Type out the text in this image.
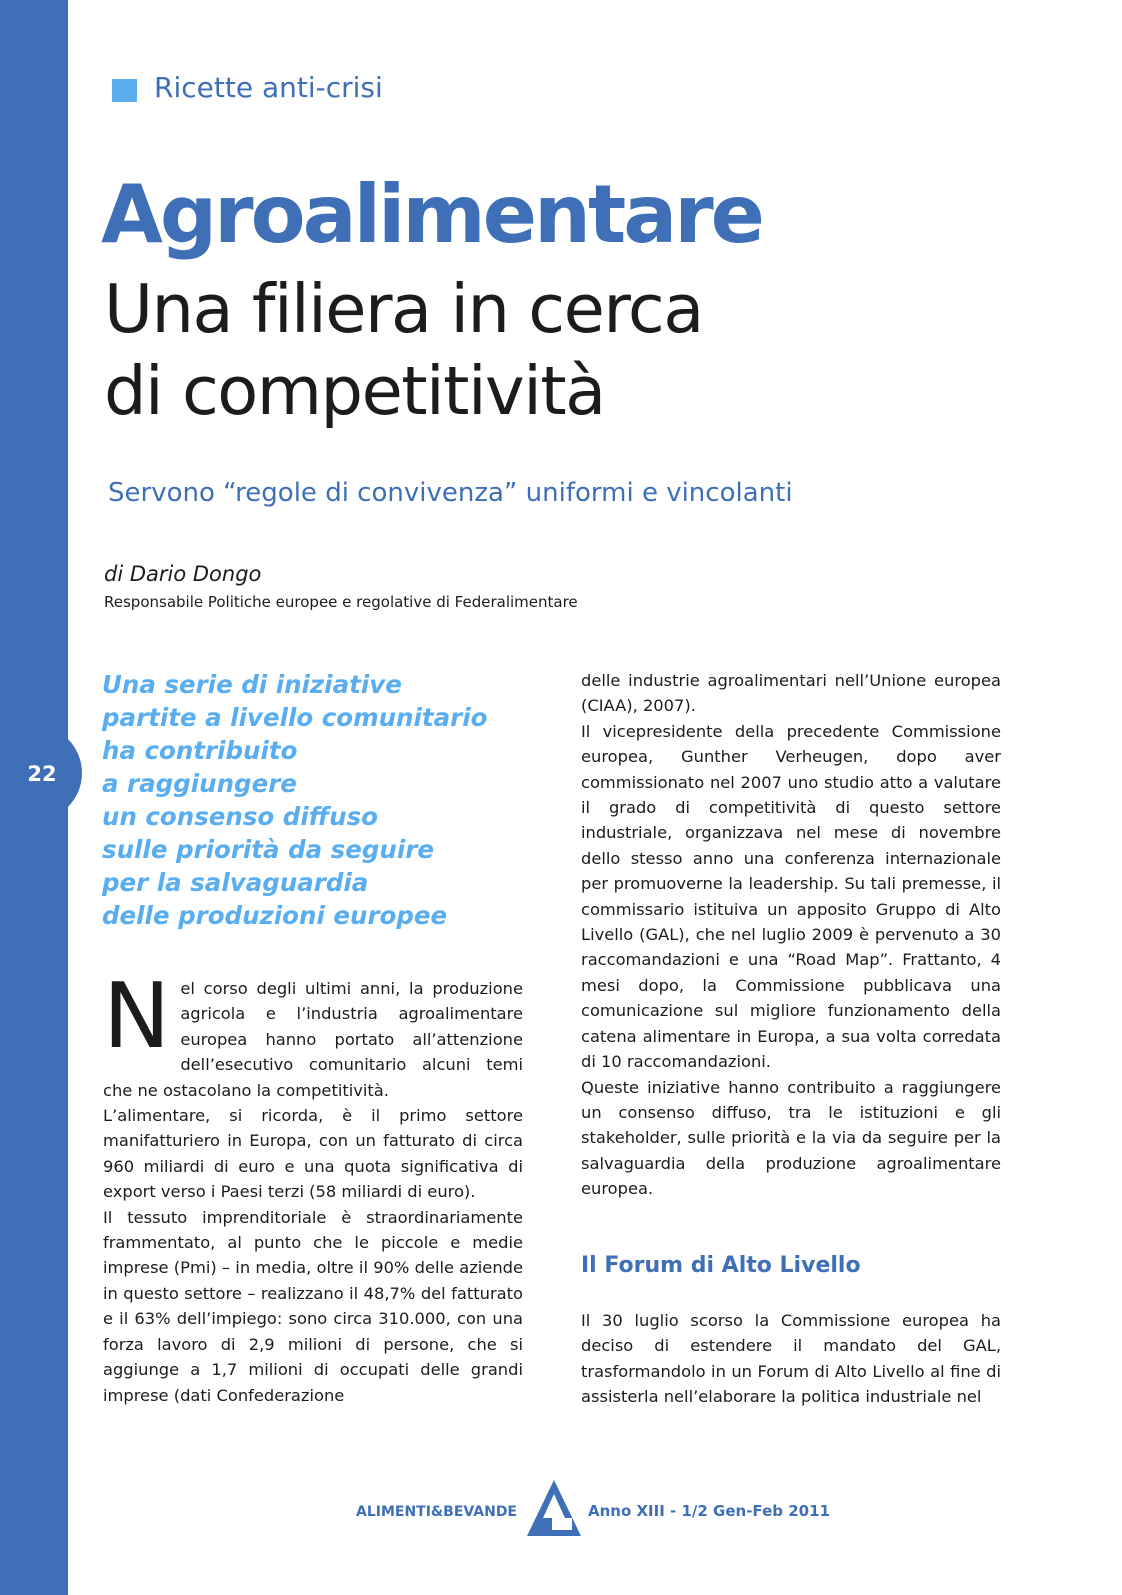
22
Ricette anti-crisi
Agroalimentare
Una filiera in cerca
di competitività
Servono “regole di convivenza” uniformi e vincolanti
di Dario Dongo
Responsabile Politiche europee e regolative di Federalimentare
Una serie di iniziative
partite a livello comunitario
ha contribuito
a raggiungere
un consenso diffuso
sulle priorità da seguire
per la salvaguardia
delle produzioni europee

Nel corso degli ultimi anni, la produzione agricola e l’industria agroalimentare europea hanno portato all’attenzione dell’esecutivo comunitario alcuni temi che ne ostacolano la competitività.

L’alimentare, si ricorda, è il primo settore manifatturiero in Europa, con un fatturato di circa 960 miliardi di euro e una quota significativa di export verso i Paesi terzi (58 miliardi di euro).

Il tessuto imprenditoriale è straordinariamente frammentato, al punto che le piccole e medie imprese (Pmi) – in media, oltre il 90% delle aziende in questo settore – realizzano il 48,7% del fatturato e il 63% dell’impiego: sono circa 310.000, con una forza lavoro di 2,9 milioni di persone, che si aggiunge a 1,7 milioni di occupati delle grandi imprese (dati Confederazione

delle industrie agroalimentari nell’Unione europea (CIAA), 2007).

Il vicepresidente della precedente Commissione europea, Gunther Verheugen, dopo aver commissionato nel 2007 uno studio atto a valutare il grado di competitività di questo settore industriale, organizzava nel mese di novembre dello stesso anno una conferenza internazionale per promuoverne la leadership. Su tali premesse, il commissario istituiva un apposito Gruppo di Alto Livello (GAL), che nel luglio 2009 è pervenuto a 30 raccomandazioni e una “Road Map”. Frattanto, 4 mesi dopo, la Commissione pubblicava una comunicazione sul migliore funzionamento della catena alimentare in Europa, a sua volta corredata di 10 raccomandazioni.

Queste iniziative hanno contribuito a raggiungere un consenso diffuso, tra le istituzioni e gli stakeholder, sulle priorità e la via da seguire per la salvaguardia della produzione agroalimentare europea.

Il Forum di Alto Livello

Il 30 luglio scorso la Commissione europea ha deciso di estendere il mandato del GAL, trasformandolo in un Forum di Alto Livello al fine di assisterla nell’elaborare la politica industriale nel

ALIMENTI&BEVANDE	Anno XIII - 1/2 Gen-Feb 2011
